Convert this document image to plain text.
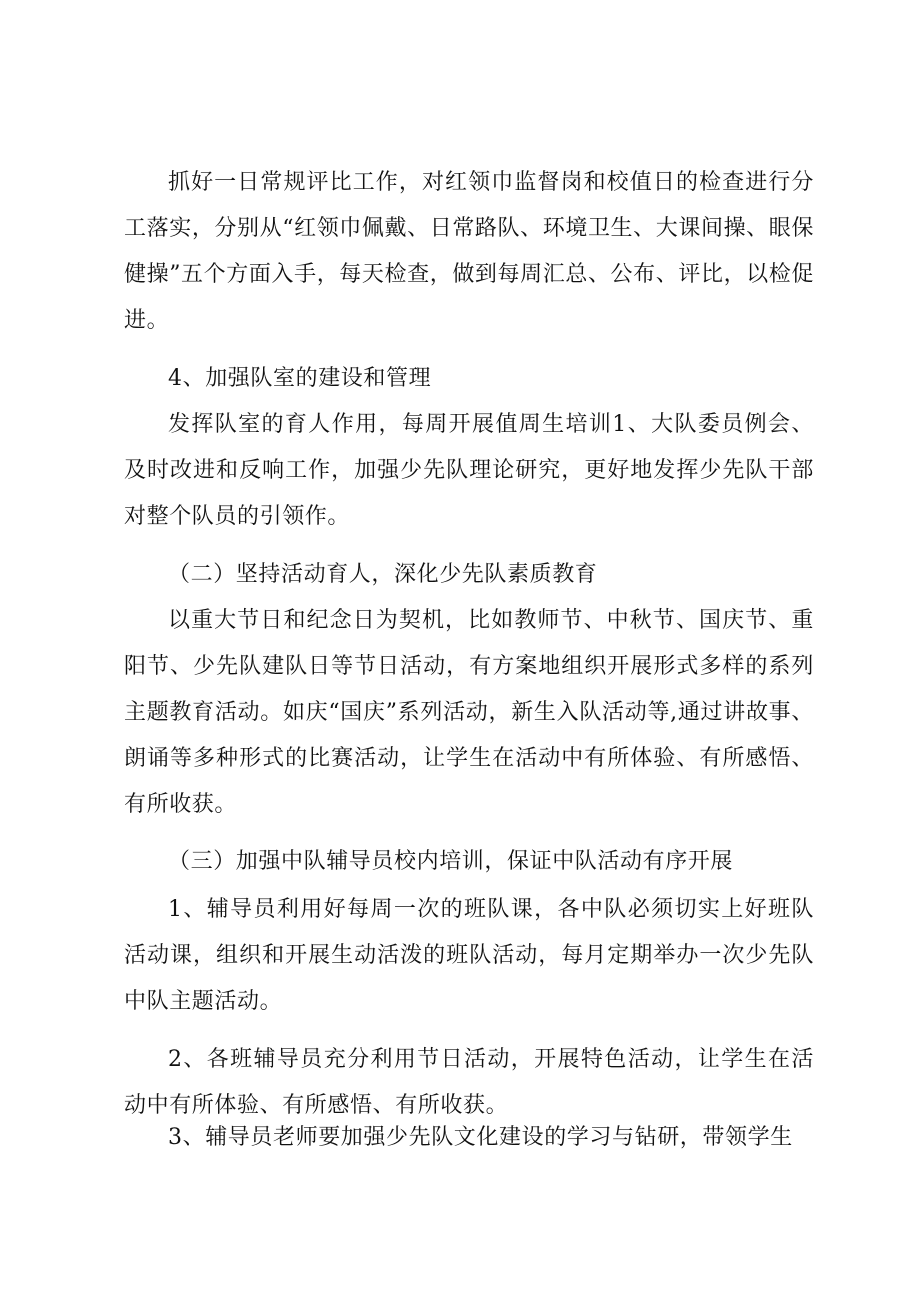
抓好一日常规评比工作，对红领巾监督岗和校值日的检查进行分工落实，分别从“红领巾佩戴、日常路队、环境卫生、大课间操、眼保健操”五个方面入手，每天检查，做到每周汇总、公布、评比，以检促进。

4、加强队室的建设和管理

发挥队室的育人作用，每周开展值周生培训1、大队委员例会、及时改进和反响工作，加强少先队理论研究，更好地发挥少先队干部对整个队员的引领作。

（二）坚持活动育人，深化少先队素质教育

以重大节日和纪念日为契机，比如教师节、中秋节、国庆节、重阳节、少先队建队日等节日活动，有方案地组织开展形式多样的系列主题教育活动。如庆“国庆”系列活动，新生入队活动等,通过讲故事、朗诵等多种形式的比赛活动，让学生在活动中有所体验、有所感悟、有所收获。

（三）加强中队辅导员校内培训，保证中队活动有序开展

1、辅导员利用好每周一次的班队课，各中队必须切实上好班队活动课，组织和开展生动活泼的班队活动，每月定期举办一次少先队中队主题活动。

2、各班辅导员充分利用节日活动，开展特色活动，让学生在活动中有所体验、有所感悟、有所收获。

3、辅导员老师要加强少先队文化建设的学习与钻研，带领学生
